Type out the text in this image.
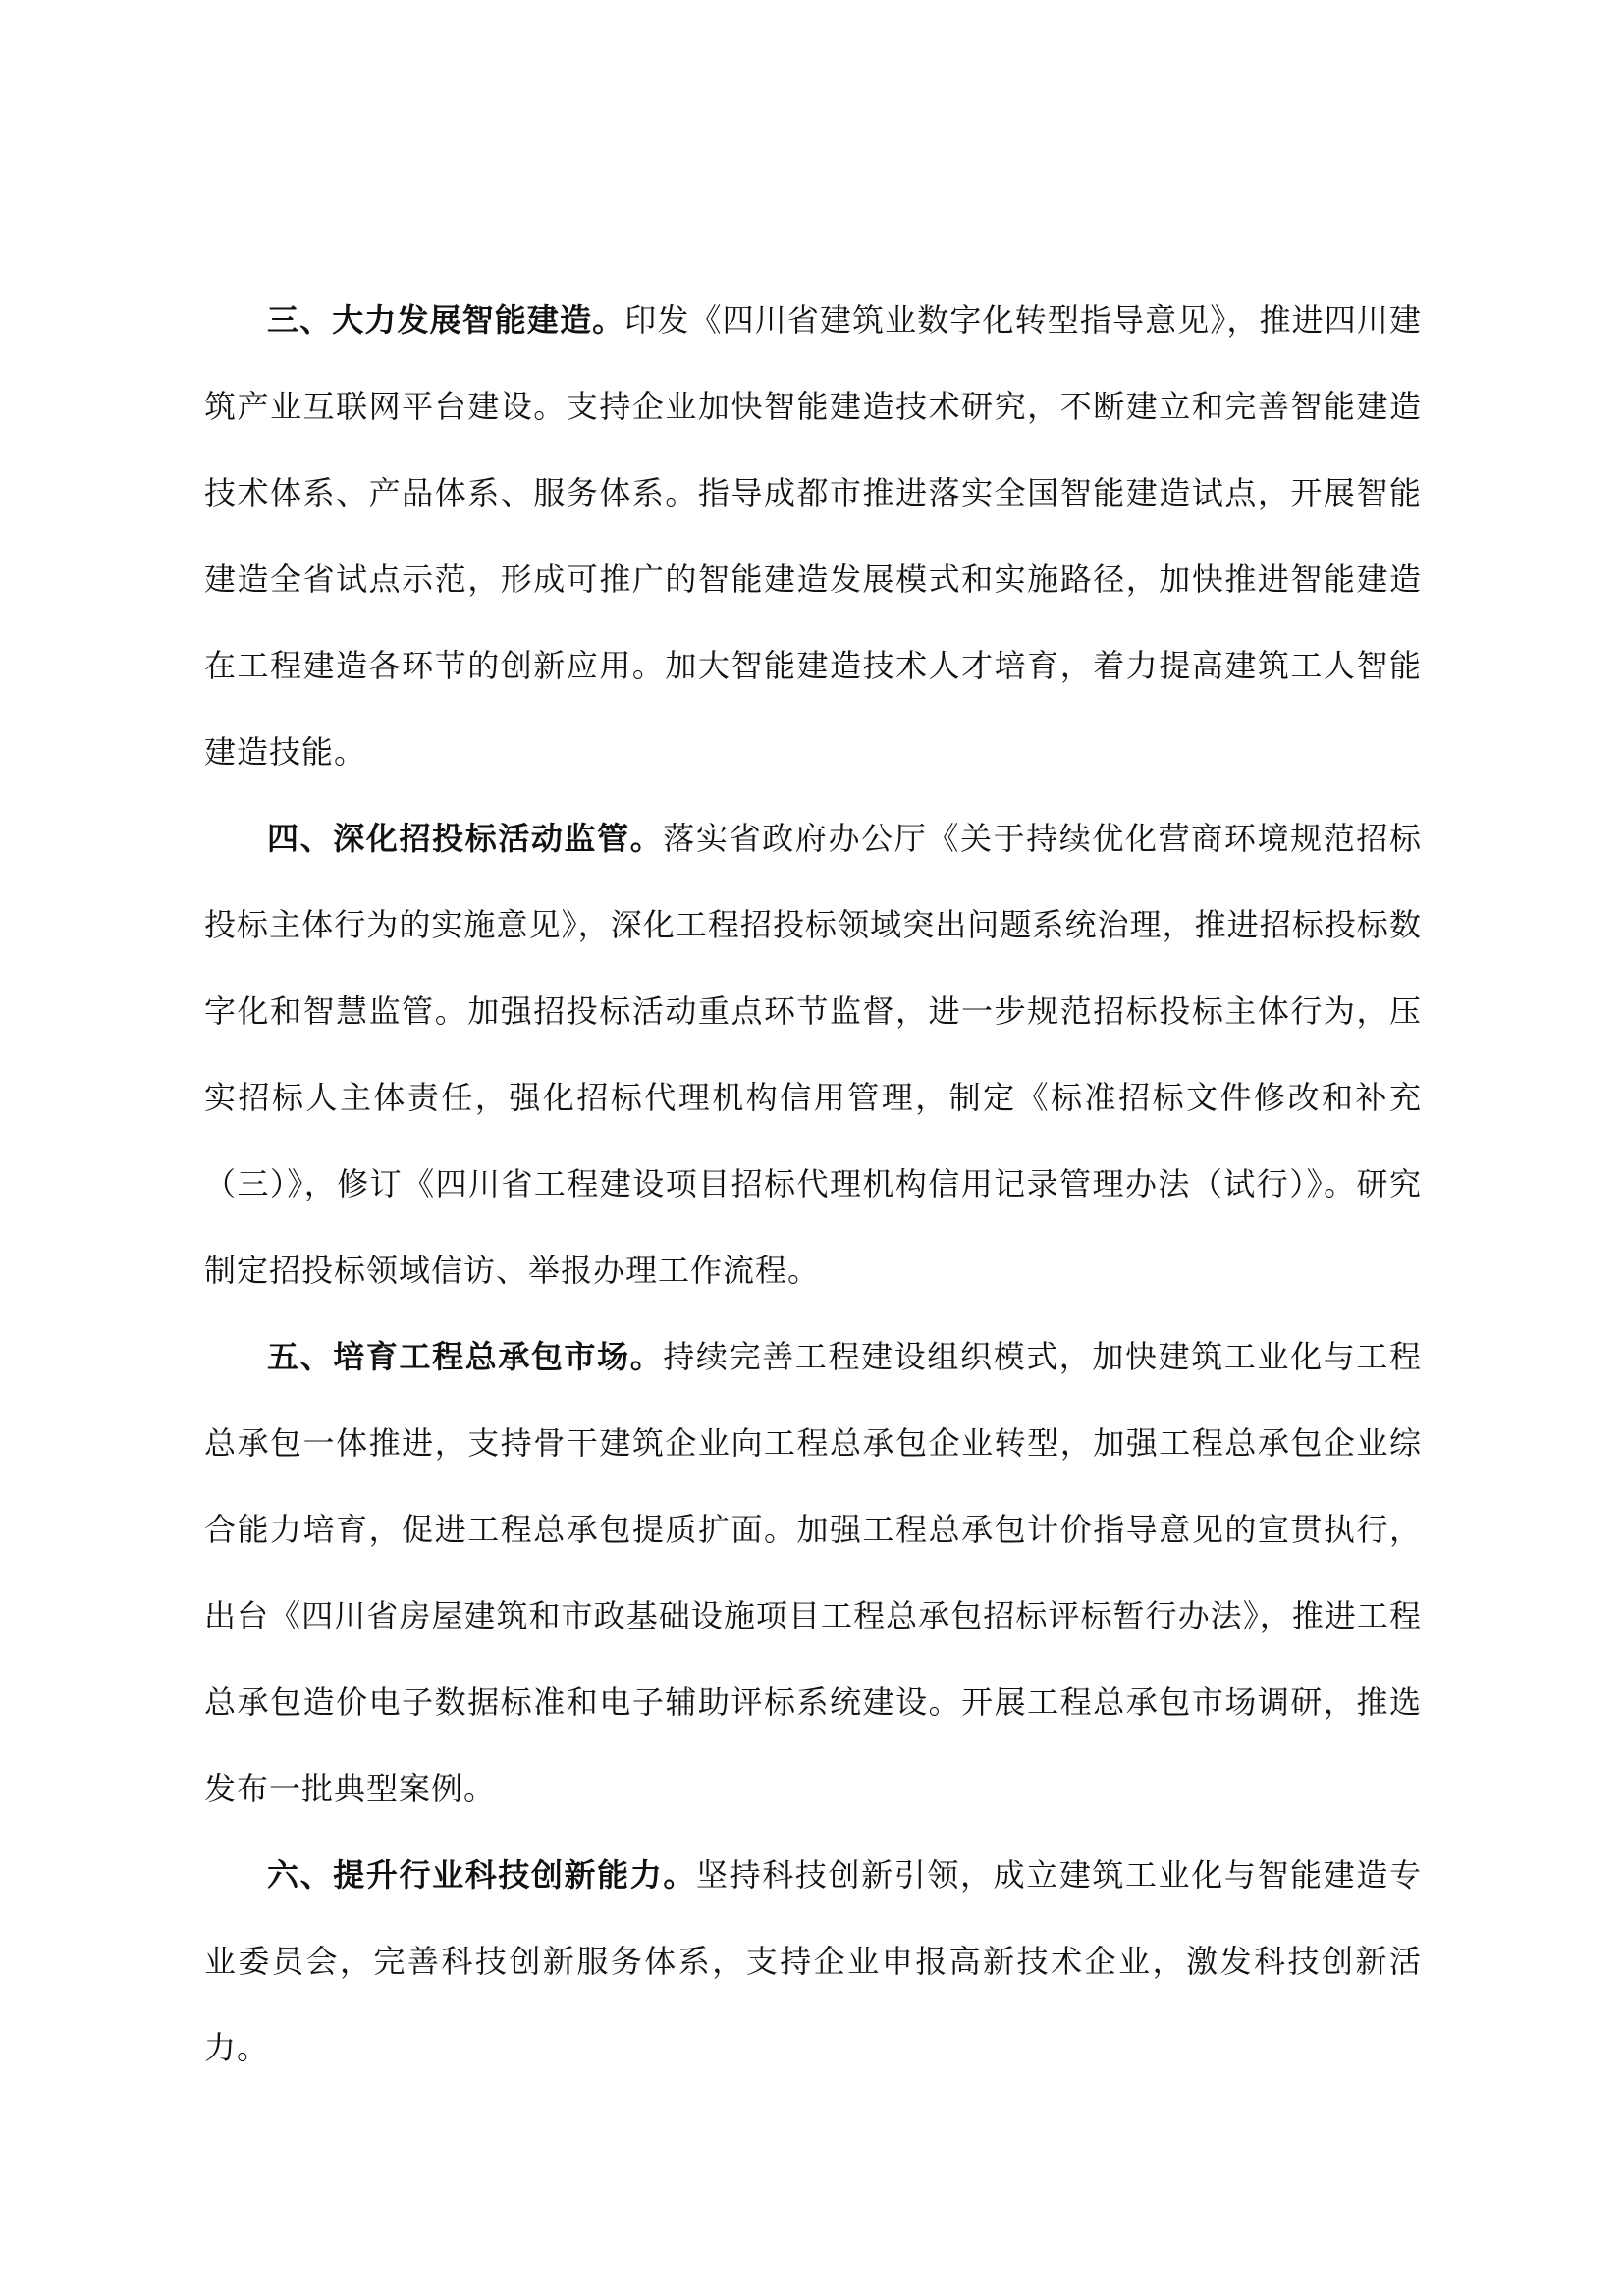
三、大力发展智能建造。印发《四川省建筑业数字化转型指导意见》，推进四川建筑产业互联网平台建设。支持企业加快智能建造技术研究，不断建立和完善智能建造技术体系、产品体系、服务体系。指导成都市推进落实全国智能建造试点，开展智能建造全省试点示范，形成可推广的智能建造发展模式和实施路径，加快推进智能建造在工程建造各环节的创新应用。加大智能建造技术人才培育，着力提高建筑工人智能建造技能。

四、深化招投标活动监管。落实省政府办公厅《关于持续优化营商环境规范招标投标主体行为的实施意见》，深化工程招投标领域突出问题系统治理，推进招标投标数字化和智慧监管。加强招投标活动重点环节监督，进一步规范招标投标主体行为，压实招标人主体责任，强化招标代理机构信用管理，制定《标准招标文件修改和补充（三）》，修订《四川省工程建设项目招标代理机构信用记录管理办法（试行）》。研究制定招投标领域信访、举报办理工作流程。

五、培育工程总承包市场。持续完善工程建设组织模式，加快建筑工业化与工程总承包一体推进，支持骨干建筑企业向工程总承包企业转型，加强工程总承包企业综合能力培育，促进工程总承包提质扩面。加强工程总承包计价指导意见的宣贯执行，出台《四川省房屋建筑和市政基础设施项目工程总承包招标评标暂行办法》，推进工程总承包造价电子数据标准和电子辅助评标系统建设。开展工程总承包市场调研，推选发布一批典型案例。

六、提升行业科技创新能力。坚持科技创新引领，成立建筑工业化与智能建造专业委员会，完善科技创新服务体系，支持企业申报高新技术企业，激发科技创新活力。
